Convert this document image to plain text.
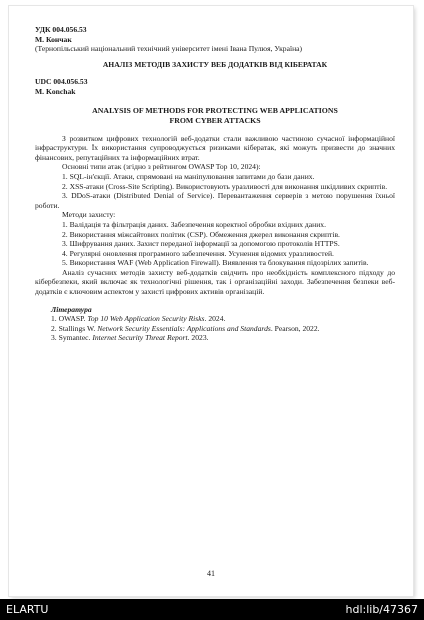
УДК 004.056.53
М. Кончак
(Тернопільський національний технічний університет імені Івана Пулюя, Україна)
АНАЛІЗ МЕТОДІВ ЗАХИСТУ ВЕБ ДОДАТКІВ ВІД КІБЕРАТАК
UDC 004.056.53
M. Konchak
ANALYSIS OF METHODS FOR PROTECTING WEB APPLICATIONS
FROM CYBER ATTACKS
З розвитком цифрових технологій веб-додатки стали важливою частиною сучасної інформаційної інфраструктури. Їх використання супроводжується ризиками кібератак, які можуть призвести до значних фінансових, репутаційних та інформаційних втрат.
Основні типи атак (згідно з рейтингом OWASP Top 10, 2024):
1. SQL-ін'єкції. Атаки, спрямовані на маніпулювання запитами до бази даних.
2. XSS-атаки (Cross-Site Scripting). Використовують уразливості для виконання шкідливих скриптів.
3. DDoS-атаки (Distributed Denial of Service). Перевантаження серверів з метою порушення їхньої роботи.
Методи захисту:
1. Валідація та фільтрація даних. Забезпечення коректної обробки вхідних даних.
2. Використання міжсайтових політик (CSP). Обмеження джерел виконання скриптів.
3. Шифрування даних. Захист переданої інформації за допомогою протоколів HTTPS.
4. Регулярні оновлення програмного забезпечення. Усунення відомих уразливостей.
5. Використання WAF (Web Application Firewall). Виявлення та блокування підозрілих запитів.
Аналіз сучасних методів захисту веб-додатків свідчить про необхідність комплексного підходу до кібербезпеки, який включає як технологічні рішення, так і організаційні заходи. Забезпечення безпеки веб-додатків є ключовим аспектом у захисті цифрових активів організацій.
Література
1. OWASP. Top 10 Web Application Security Risks. 2024.
2. Stallings W. Network Security Essentials: Applications and Standards. Pearson, 2022.
3. Symantec. Internet Security Threat Report. 2023.
41
ELARTU	hdl:lib/47367
